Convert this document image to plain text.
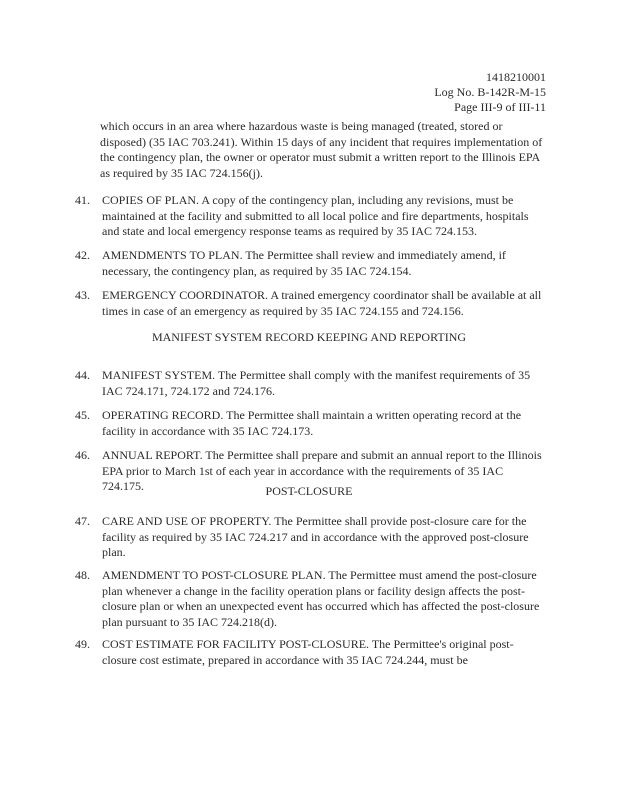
1418210001
Log No. B-142R-M-15
Page III-9 of III-11
which occurs in an area where hazardous waste is being managed (treated, stored or disposed) (35 IAC 703.241). Within 15 days of any incident that requires implementation of the contingency plan, the owner or operator must submit a written report to the Illinois EPA as required by 35 IAC 724.156(j).
41.	COPIES OF PLAN. A copy of the contingency plan, including any revisions, must be maintained at the facility and submitted to all local police and fire departments, hospitals and state and local emergency response teams as required by 35 IAC 724.153.
42.	AMENDMENTS TO PLAN. The Permittee shall review and immediately amend, if necessary, the contingency plan, as required by 35 IAC 724.154.
43.	EMERGENCY COORDINATOR. A trained emergency coordinator shall be available at all times in case of an emergency as required by 35 IAC 724.155 and 724.156.
MANIFEST SYSTEM RECORD KEEPING AND REPORTING
44.	MANIFEST SYSTEM. The Permittee shall comply with the manifest requirements of 35 IAC 724.171, 724.172 and 724.176.
45.	OPERATING RECORD. The Permittee shall maintain a written operating record at the facility in accordance with 35 IAC 724.173.
46.	ANNUAL REPORT. The Permittee shall prepare and submit an annual report to the Illinois EPA prior to March 1st of each year in accordance with the requirements of 35 IAC 724.175.	POST-CLOSURE
47.	CARE AND USE OF PROPERTY. The Permittee shall provide post-closure care for the facility as required by 35 IAC 724.217 and in accordance with the approved post-closure plan.
48.	AMENDMENT TO POST-CLOSURE PLAN. The Permittee must amend the post-closure plan whenever a change in the facility operation plans or facility design affects the post-closure plan or when an unexpected event has occurred which has affected the post-closure plan pursuant to 35 IAC 724.218(d).
49.	COST ESTIMATE FOR FACILITY POST-CLOSURE. The Permittee's original post-closure cost estimate, prepared in accordance with 35 IAC 724.244, must be
